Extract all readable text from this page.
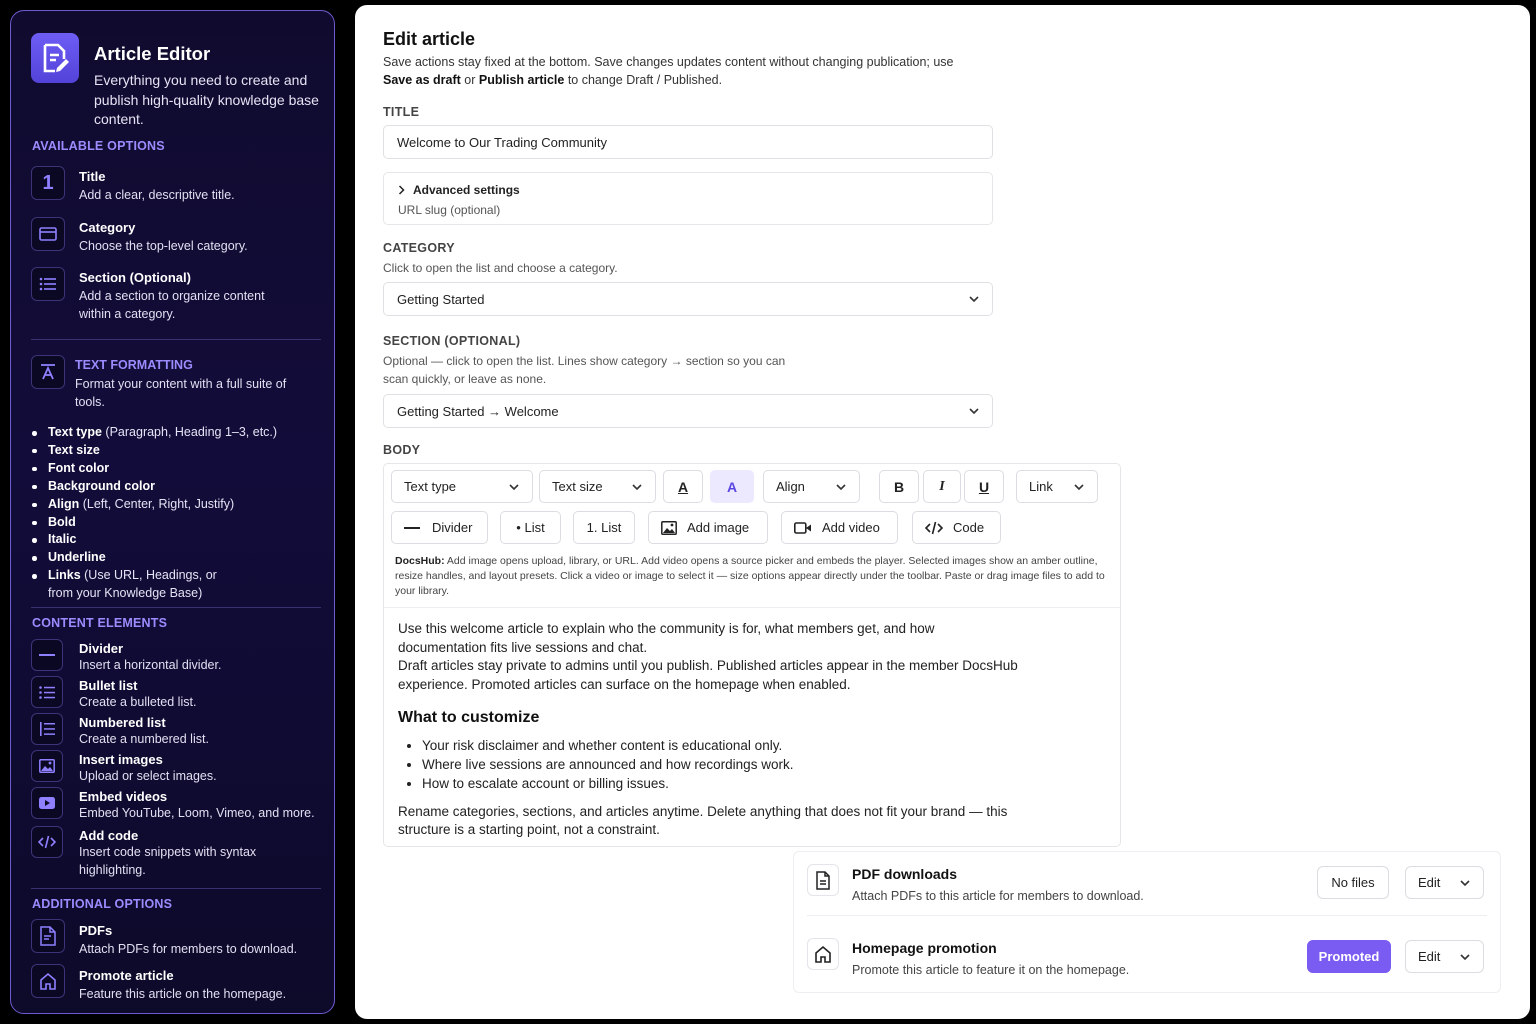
Article Editor
Everything you need to create and publish high-quality knowledge base content.
AVAILABLE OPTIONS
1 Title
Add a clear, descriptive title.
Category
Choose the top-level category.
Section (Optional)
Add a section to organize content within a category.
TEXT FORMATTING
Format your content with a full suite of tools.
Text type (Paragraph, Heading 1–3, etc.)
Text size
Font color
Background color
Align (Left, Center, Right, Justify)
Bold
Italic
Underline
Links (Use URL, Headings, or from your Knowledge Base)
CONTENT ELEMENTS
Divider
Insert a horizontal divider.
Bullet list
Create a bulleted list.
Numbered list
Create a numbered list.
Insert images
Upload or select images.
Embed videos
Embed YouTube, Loom, Vimeo, and more.
Add code
Insert code snippets with syntax highlighting.
ADDITIONAL OPTIONS
PDFs
Attach PDFs for members to download.
Promote article
Feature this article on the homepage.
Edit article
Save actions stay fixed at the bottom. Save changes updates content without changing publication; use Save as draft or Publish article to change Draft / Published.
TITLE
Welcome to Our Trading Community
Advanced settings
URL slug (optional)
CATEGORY
Click to open the list and choose a category.
Getting Started
SECTION (OPTIONAL)
Optional — click to open the list. Lines show category → section so you can scan quickly, or leave as none.
Getting Started → Welcome
BODY
Text type	Text size	A	A	Align	B	I U	Link
Divider	• List	1. List	Add image	Add video	Code
DocsHub: Add image opens upload, library, or URL. Add video opens a source picker and embeds the player. Selected images show an amber outline, resize handles, and layout presets. Click a video or image to select it — size options appear directly under the toolbar. Paste or drag image files to add to your library.

Use this welcome article to explain who the community is for, what members get, and how documentation fits live sessions and chat.

Draft articles stay private to admins until you publish. Published articles appear in the member DocsHub experience. Promoted articles can surface on the homepage when enabled.

What to customize
• Your risk disclaimer and whether content is educational only.
• Where live sessions are announced and how recordings work.
• How to escalate account or billing issues.

Rename categories, sections, and articles anytime. Delete anything that does not fit your brand — this structure is a starting point, not a constraint.

PDF downloads
Attach PDFs to this article for members to download.
No files	Edit
Homepage promotion
Promote this article to feature it on the homepage.
Promoted	Edit
